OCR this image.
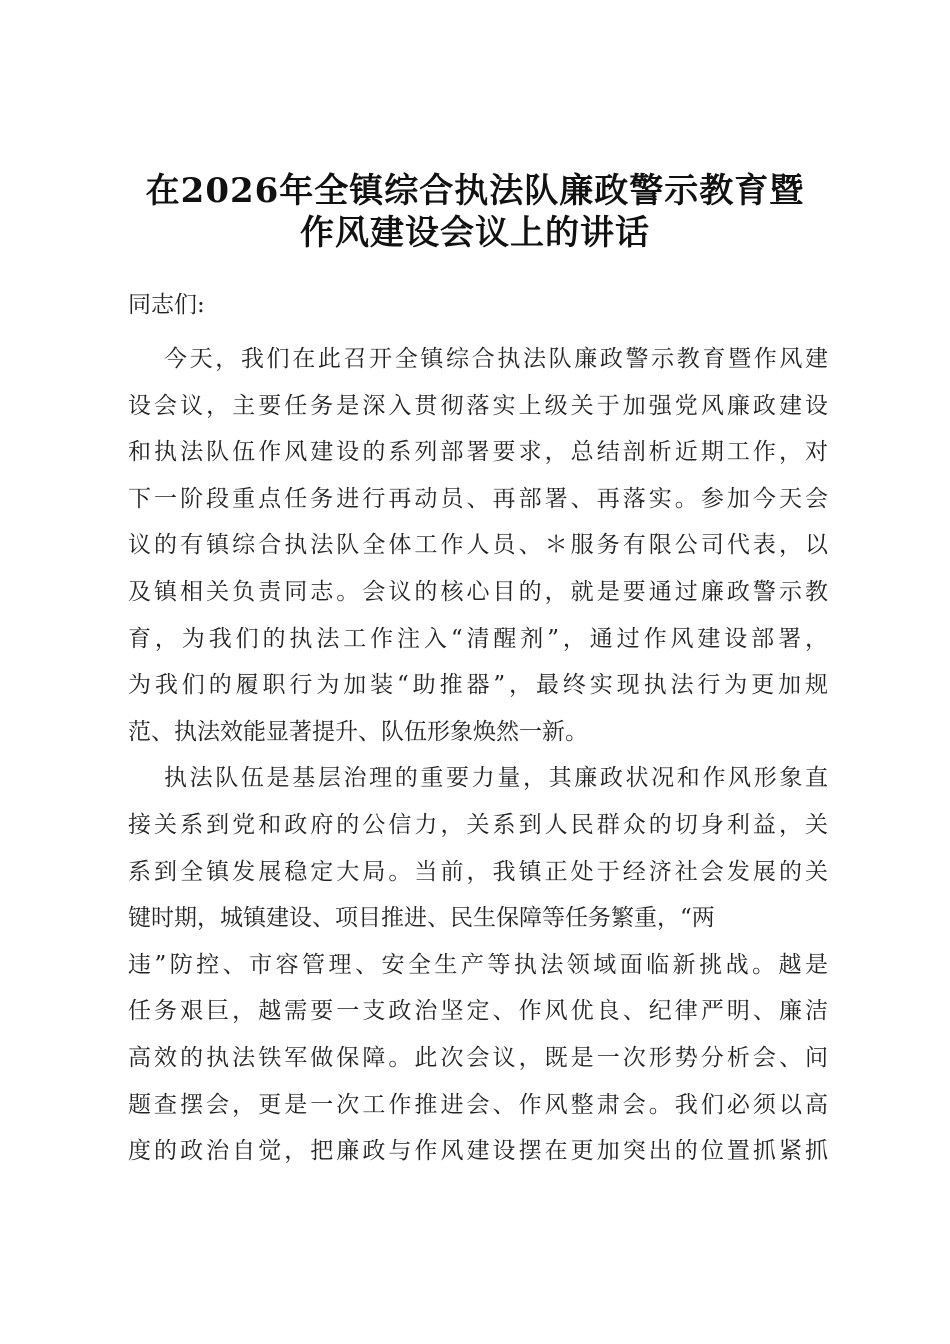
在2026年全镇综合执法队廉政警示教育暨
作风建设会议上的讲话
同志们:
今天，我们在此召开全镇综合执法队廉政警示教育暨作风建
设会议，主要任务是深入贯彻落实上级关于加强党风廉政建设
和执法队伍作风建设的系列部署要求，总结剖析近期工作，对
下一阶段重点任务进行再动员、再部署、再落实。参加今天会
议的有镇综合执法队全体工作人员、＊服务有限公司代表，以
及镇相关负责同志。会议的核心目的，就是要通过廉政警示教
育，为我们的执法工作注入“清醒剂”，通过作风建设部署，
为我们的履职行为加装“助推器”，最终实现执法行为更加规
范、执法效能显著提升、队伍形象焕然一新。
执法队伍是基层治理的重要力量，其廉政状况和作风形象直
接关系到党和政府的公信力，关系到人民群众的切身利益，关
系到全镇发展稳定大局。当前，我镇正处于经济社会发展的关
键时期，城镇建设、项目推进、民生保障等任务繁重，“两
违”防控、市容管理、安全生产等执法领域面临新挑战。越是
任务艰巨，越需要一支政治坚定、作风优良、纪律严明、廉洁
高效的执法铁军做保障。此次会议，既是一次形势分析会、问
题查摆会，更是一次工作推进会、作风整肃会。我们必须以高
度的政治自觉，把廉政与作风建设摆在更加突出的位置抓紧抓
